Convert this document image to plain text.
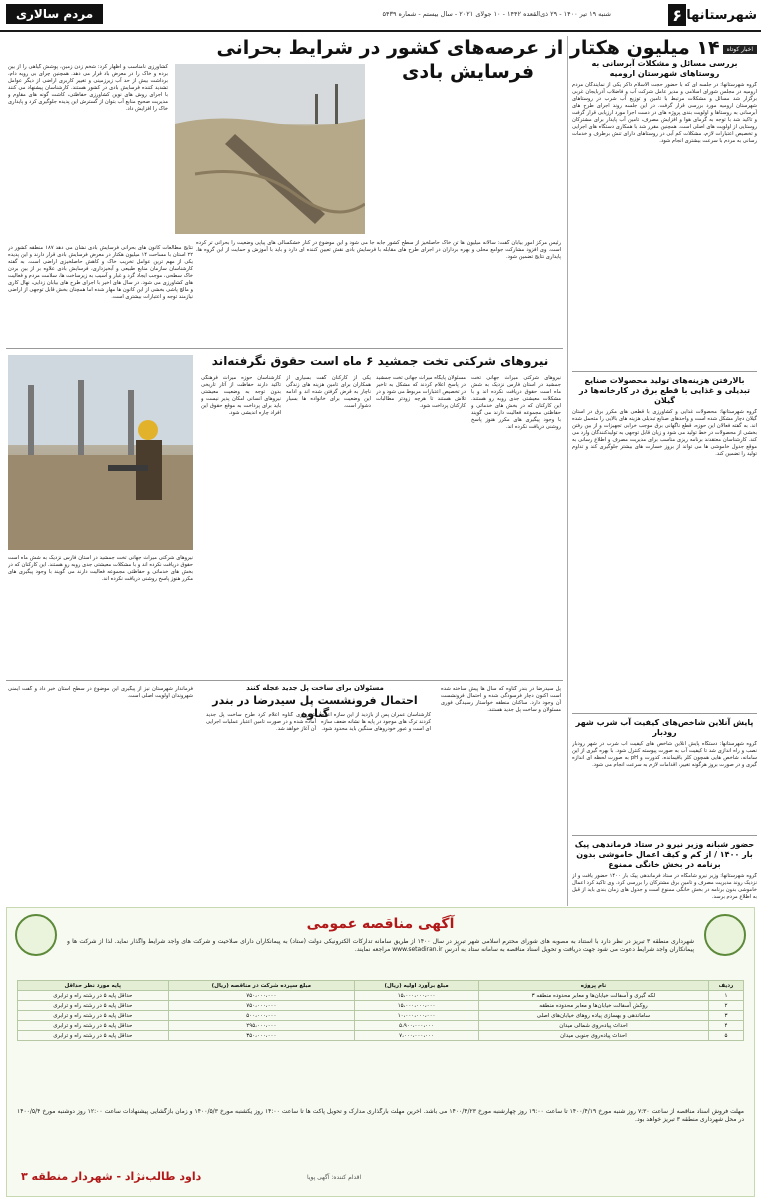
شهرستانها
۶
شنبه ۱۹ تیر ۱۴۰۰ - ۲۹ ذی‌القعده ۱۴۴۲ - ۱۰ جولای ۲۰۲۱ - سال بیستم - شماره ۵۴۳۹
مردم سالاری
اخبار کوتاه
بررسی مسائل و مشکلات آبرسانی به روستاهای شهرستان ارومیه
گروه شهرستانها: در جلسه ای که با حضور حجت الاسلام ذاکر یکی از نمایندگان مردم ارومیه در مجلس شورای اسلامی و مدیر عامل شرکت آب و فاضلاب آذربایجان غربی برگزار شد مسائل و مشکلات مرتبط با تامین و توزیع آب شرب در روستاهای شهرستان ارومیه مورد بررسی قرار گرفت. در این جلسه روند اجرای طرح های آبرسانی به روستاها و اولویت بندی پروژه های در دست اجرا مورد ارزیابی قرار گرفت و تاکید شد با توجه به گرمای هوا و افزایش مصرف، تامین آب پایدار برای مشترکان روستایی از اولویت های اصلی است. همچنین مقرر شد با همکاری دستگاه های اجرایی و تخصیص اعتبارات لازم، مشکلات کم آبی در روستاهای دارای تنش برطرف و خدمات رسانی به مردم با سرعت بیشتری انجام شود.
بالارفتن هزینه‌های تولید محصولات صنایع تبدیلی و غذایی با قطع برق در کارخانه‌ها در گیلان
گروه شهرستانها: محصولات غذایی و کشاورزی با قطعی های مکرر برق در استان گیلان دچار مشکل شده است و واحدهای صنایع تبدیلی هزینه های بالایی را متحمل شده اند. به گفته فعالان این حوزه، قطع ناگهانی برق موجب خرابی تجهیزات و از بین رفتن بخشی از محصولات در خط تولید می شود و زیان قابل توجهی به تولیدکنندگان وارد می کند. کارشناسان معتقدند برنامه ریزی مناسب برای مدیریت مصرف و اطلاع رسانی به موقع جدول خاموشی ها می تواند از بروز خسارت های بیشتر جلوگیری کند و تداوم تولید را تضمین کند.
پایش آنلاین شاخص‌های کیفیت آب شرب شهر رودبار
گروه شهرستانها: دستگاه پایش آنلاین شاخص های کیفیت آب شرب در شهر رودبار نصب و راه اندازی شد تا کیفیت آب به صورت پیوسته کنترل شود. با بهره گیری از این سامانه، شاخص هایی همچون کلر باقیمانده، کدورت و pH به صورت لحظه ای اندازه گیری و در صورت بروز هرگونه تغییر، اقدامات لازم به سرعت انجام می شود.
حضور شبانه وزیر نیرو در ستاد فرماندهی پیک بار ۱۴۰۰ / از کم و کیف اعمال خاموشی بدون برنامه در بخش خانگی ممنوع
گروه شهرستانها: وزیر نیرو شامگاه در ستاد فرماندهی پیک بار ۱۴۰۰ حضور یافت و از نزدیک روند مدیریت مصرف و تامین برق مشترکان را بررسی کرد. وی تاکید کرد اعمال خاموشی بدون برنامه در بخش خانگی ممنوع است و جدول های زمان بندی باید از قبل به اطلاع مردم برسد.
۱۴ میلیون هکتار از عرصه‌های کشور در شرایط بحرانی فرسایش بادی
کشاورزی نامناسب و اظهار کرد: شخم زدن زمین، پوشش گیاهی را از بین برده و خاک را در معرض باد قرار می دهد. همچنین چرای بی رویه دام، برداشت بیش از حد آب زیرزمینی و تغییر کاربری اراضی از دیگر عوامل تشدید کننده فرسایش بادی در کشور هستند. کارشناسان پیشنهاد می کنند با اجرای روش های نوین کشاورزی حفاظتی، کاشت گونه های مقاوم و مدیریت صحیح منابع آب بتوان از گسترش این پدیده جلوگیری کرد و پایداری خاک را افزایش داد.
رئیس مرکز امور بیابان گفت: سالانه میلیون ها تن خاک حاصلخیز از سطح کشور جابه جا می شود و این موضوع در کنار خشکسالی های پیاپی وضعیت را بحرانی تر کرده است. وی افزود مشارکت جوامع محلی و بهره برداران در اجرای طرح های مقابله با فرسایش بادی نقش تعیین کننده ای دارد و باید با آموزش و حمایت از این گروه ها، پایداری نتایج تضمین شود.
نتایج مطالعات کانون های بحرانی فرسایش بادی نشان می دهد ۱۸۷ منطقه کشور در ۲۲ استان با مساحت ۱۴ میلیون هکتار در معرض فرسایش بادی قرار دارند و این پدیده یکی از مهم ترین عوامل تخریب خاک و کاهش حاصلخیزی اراضی است. به گفته کارشناسان سازمان منابع طبیعی و آبخیزداری، فرسایش بادی علاوه بر از بین بردن خاک سطحی، موجب ایجاد گرد و غبار و آسیب به زیرساخت ها، سلامت مردم و فعالیت های کشاورزی می شود. در سال های اخیر با اجرای طرح های بیابان زدایی، نهال کاری و مالچ پاشی بخشی از این کانون ها مهار شده اما همچنان بخش قابل توجهی از اراضی نیازمند توجه و اعتبارات بیشتری است.
نیروهای شرکتی تخت جمشید ۶ ماه است حقوق نگرفته‌اند
نیروهای شرکتی میراث جهانی تخت جمشید در استان فارس نزدیک به شش ماه است حقوق دریافت نکرده اند و با مشکلات معیشتی جدی روبه رو هستند. این کارکنان که در بخش های خدماتی و حفاظتی مجموعه فعالیت دارند می گویند با وجود پیگیری های مکرر هنوز پاسخ روشنی دریافت نکرده اند.
مسئولان پایگاه میراث جهانی تخت جمشید در پاسخ اعلام کردند که مشکل به تاخیر در تخصیص اعتبارات مربوط می شود و در تلاش هستند تا هرچه زودتر مطالبات کارکنان پرداخت شود.
یکی از کارکنان گفت بسیاری از همکاران برای تامین هزینه های زندگی ناچار به قرض گرفتن شده اند و ادامه این وضعیت برای خانواده ها بسیار دشوار است.
کارشناسان حوزه میراث فرهنگی تاکید دارند حفاظت از آثار تاریخی بدون توجه به وضعیت معیشتی نیروهای انسانی امکان پذیر نیست و باید برای پرداخت به موقع حقوق این افراد چاره اندیشی شود.
نیروهای شرکتی میراث جهانی تخت جمشید در استان فارس نزدیک به شش ماه است حقوق دریافت نکرده اند و با مشکلات معیشتی جدی روبه رو هستند. این کارکنان که در بخش های خدماتی و حفاظتی مجموعه فعالیت دارند می گویند با وجود پیگیری های مکرر هنوز پاسخ روشنی دریافت نکرده اند.
مسئولان برای ساخت پل جدید عجله کنند
احتمال فرونشست پل سیدرضا در بندر گناوه
پل سیدرضا در بندر گناوه که سال ها پیش ساخته شده است اکنون دچار فرسودگی شده و احتمال فرونشست آن وجود دارد. ساکنان منطقه خواستار رسیدگی فوری مسئولان و ساخت پل جدید هستند.
کارشناسان عمران پس از بازدید از این سازه اعلام کردند ترک های موجود در پایه ها نشانه ضعف سازه ای است و عبور خودروهای سنگین باید محدود شود.
شهرداری گناوه اعلام کرد طرح ساخت پل جدید آماده شده و در صورت تامین اعتبار عملیات اجرایی آن آغاز خواهد شد.
فرماندار شهرستان نیز از پیگیری این موضوع در سطح استان خبر داد و گفت ایمنی شهروندان اولویت اصلی است.
آگهی مناقصه عمومی
شهرداری منطقه ۳ تبریز در نظر دارد با استناد به مصوبه های شورای محترم اسلامی شهر تبریز در سال ۱۴۰۰ از طریق سامانه تدارکات الکترونیکی دولت (ستاد) به پیمانکاران دارای صلاحیت و شرکت های واجد شرایط واگذار نماید. لذا از شرکت ها و پیمانکاران واجد شرایط دعوت می شود جهت دریافت و تحویل اسناد مناقصه به سامانه ستاد به آدرس www.setadiran.ir مراجعه نمایند.
ردیف	نام پروژه	مبلغ برآورد اولیه (ریال)	مبلغ سپرده شرکت در مناقصه (ریال)	پایه مورد نظر حداقل
۱	لکه گیری و آسفالت خیابان‌ها و معابر محدوده منطقه ۳	۱۵،۰۰۰،۰۰۰،۰۰۰	۷۵۰،۰۰۰،۰۰۰	حداقل پایه ۵ در رشته راه و ترابری
۲	روکش آسفالت خیابان‌ها و معابر محدوده منطقه	۱۵،۰۰۰،۰۰۰،۰۰۰	۷۵۰،۰۰۰،۰۰۰	حداقل پایه ۵ در رشته راه و ترابری
۳	ساماندهی و بهسازی پیاده روهای خیابان‌های اصلی	۱۰،۰۰۰،۰۰۰،۰۰۰	۵۰۰،۰۰۰،۰۰۰	حداقل پایه ۵ در رشته راه و ترابری
۴	احداث پیاده‌روی شمالی میدان	۵،۹۰۰،۰۰۰،۰۰۰	۲۹۵،۰۰۰،۰۰۰	حداقل پایه ۵ در رشته راه و ترابری
۵	احداث پیاده‌روی جنوبی میدان	۷،۰۰۰،۰۰۰،۰۰۰	۳۵۰،۰۰۰،۰۰۰	حداقل پایه ۵ در رشته راه و ترابری
مهلت فروش اسناد مناقصه از ساعت ۷:۳۰ روز شنبه مورخ ۱۴۰۰/۴/۱۹ تا ساعت ۱۹:۰۰ روز چهارشنبه مورخ ۱۴۰۰/۴/۲۳ می باشد. آخرین مهلت بارگذاری مدارک و تحویل پاکت ها تا ساعت ۱۴:۰۰ روز یکشنبه مورخ ۱۴۰۰/۵/۳ و زمان بازگشایی پیشنهادات ساعت ۱۲:۰۰ روز دوشنبه مورخ ۱۴۰۰/۵/۴ در محل شهرداری منطقه ۳ تبریز خواهد بود.
داود طالب‌نژاد - شهردار منطقه ۳	اقدام کننده: آگهی پویا
